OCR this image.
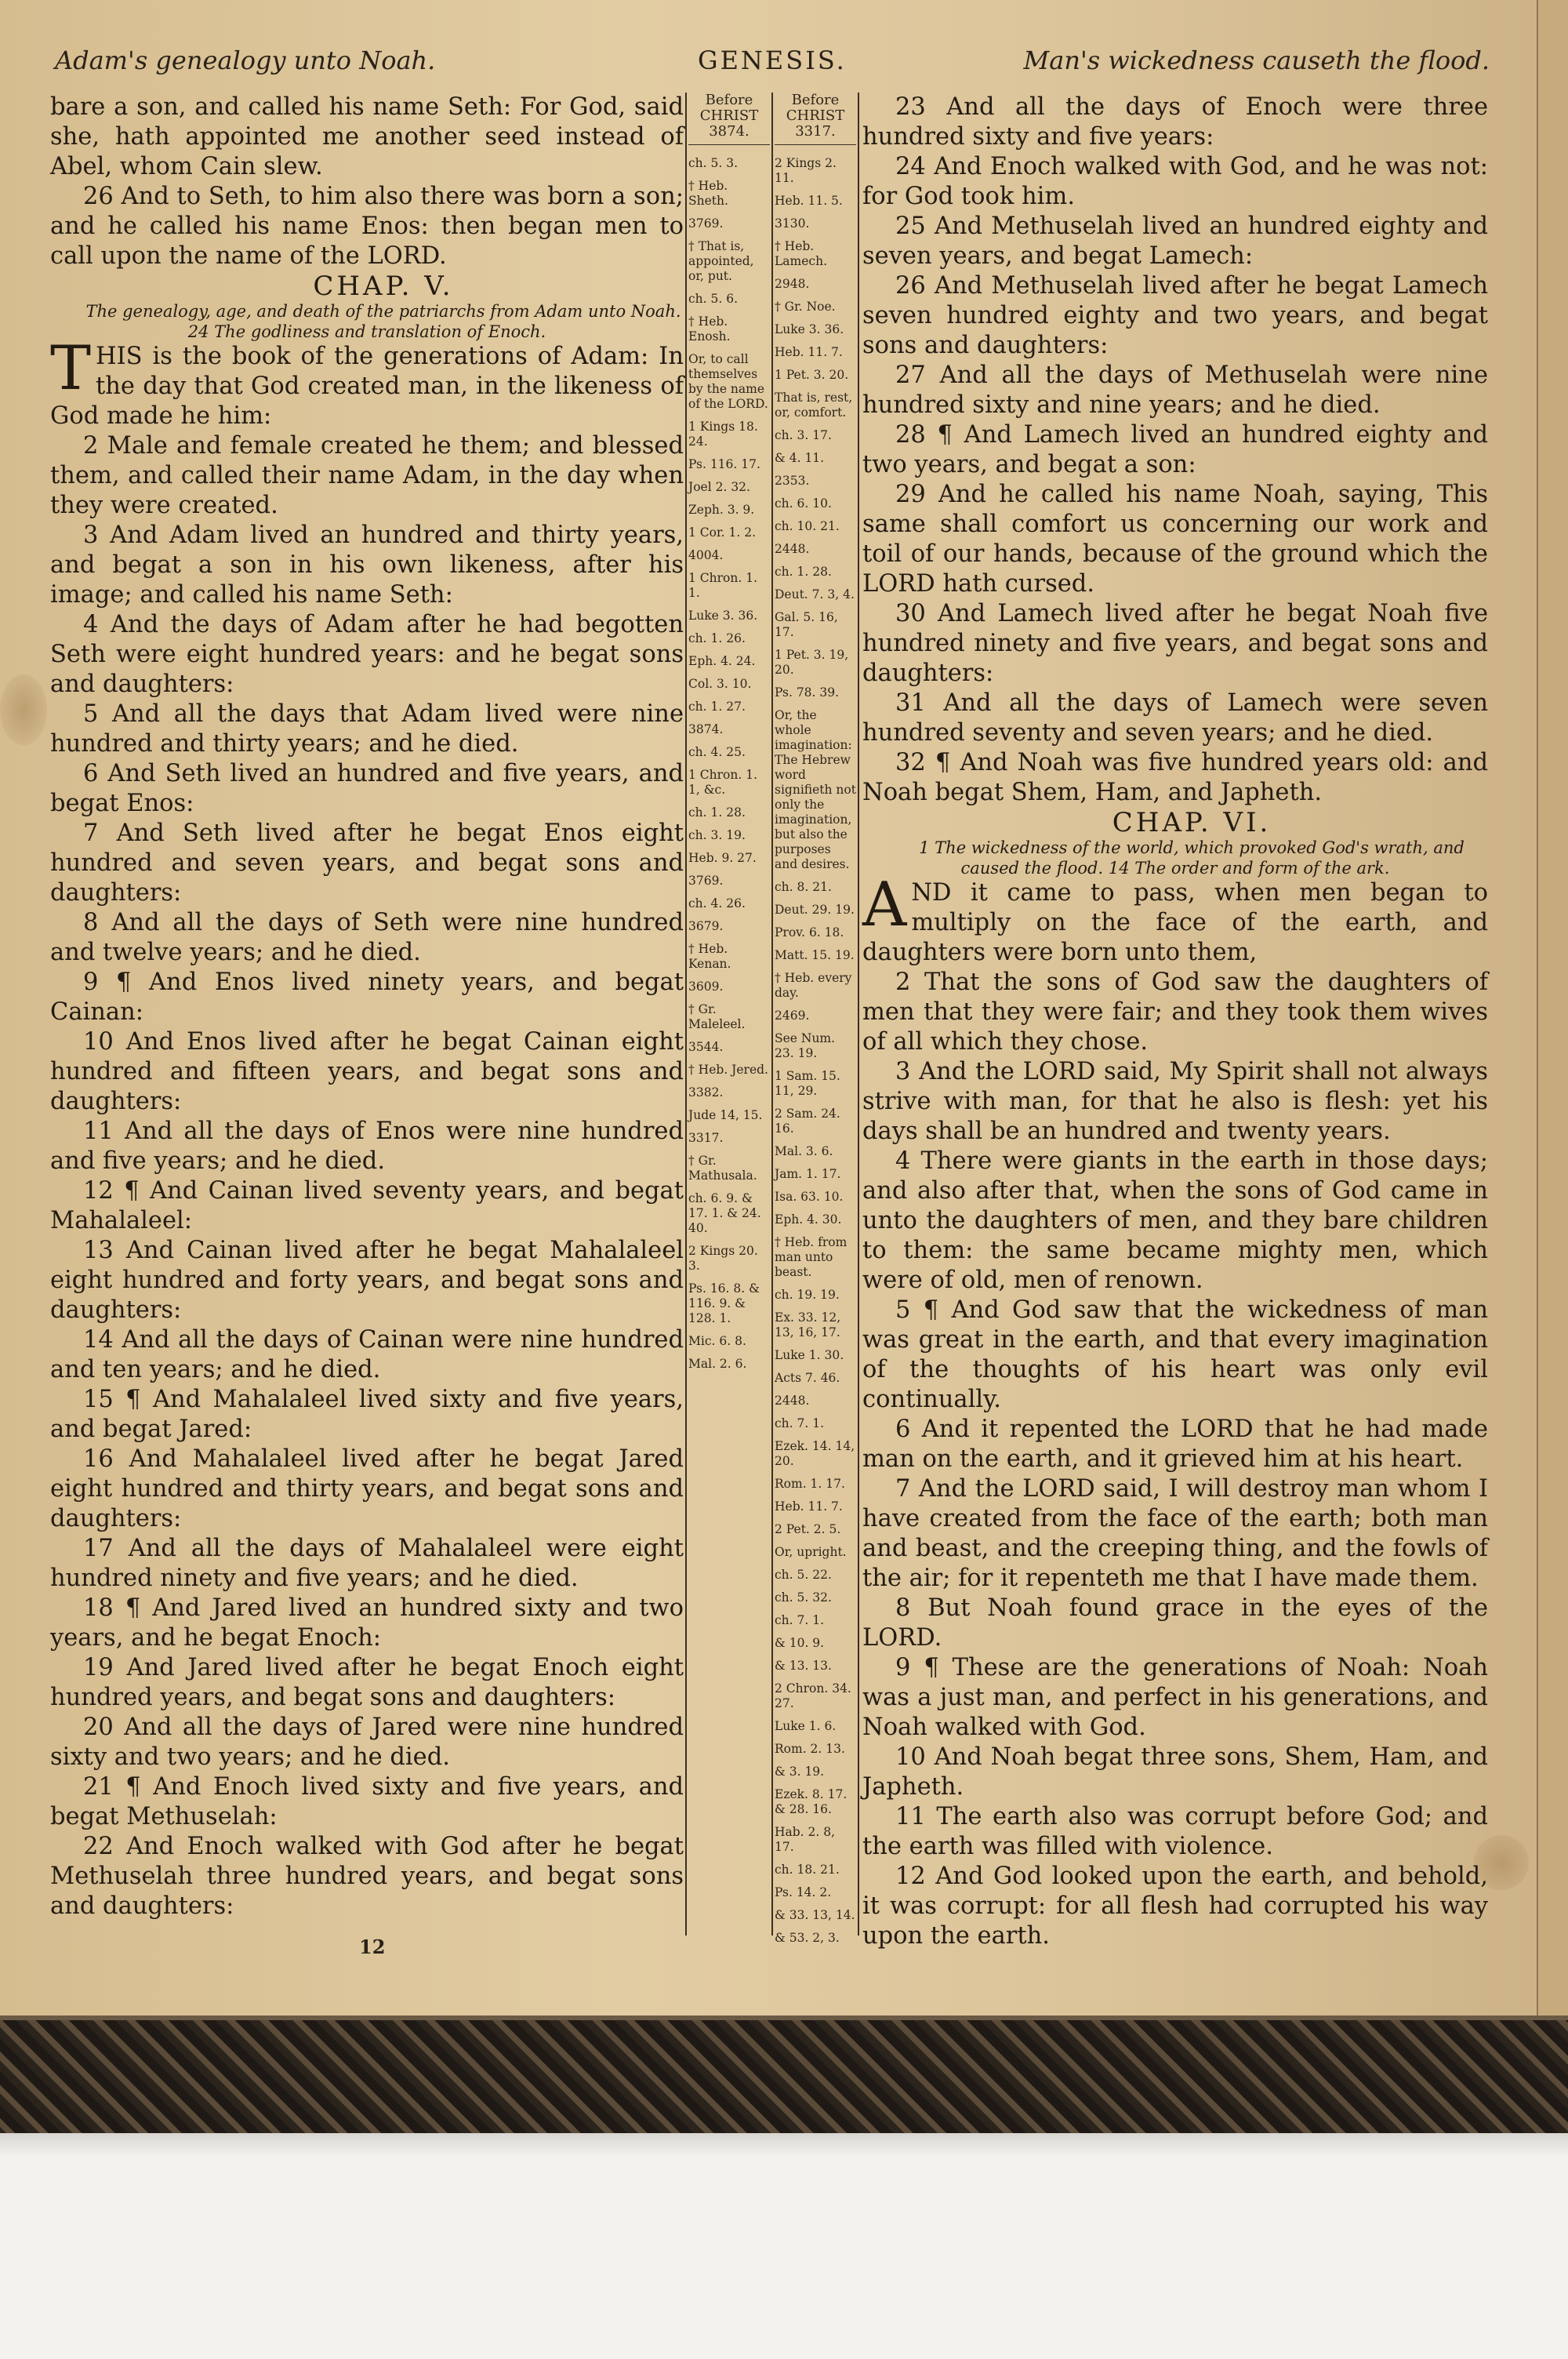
Adam's genealogy unto Noah.	GENESIS.	Man's wickedness causeth the flood.

bare a son, and called his name Seth: For God, said she, hath appointed me another seed instead of Abel, whom Cain slew.

26 And to Seth, to him also there was born a son; and he called his name Enos: then began men to call upon the name of the LORD.

CHAP. V.

The genealogy, age, and death of the patriarchs from Adam unto Noah. 24 The godliness and translation of Enoch.

THIS is the book of the generations of Adam: In the day that God created man, in the likeness of God made he him:

2 Male and female created he them; and blessed them, and called their name Adam, in the day when they were created.

3 And Adam lived an hundred and thirty years, and begat a son in his own likeness, after his image; and called his name Seth:

4 And the days of Adam after he had begotten Seth were eight hundred years: and he begat sons and daughters:

5 And all the days that Adam lived were nine hundred and thirty years; and he died.

6 And Seth lived an hundred and five years, and begat Enos:

7 And Seth lived after he begat Enos eight hundred and seven years, and begat sons and daughters:

8 And all the days of Seth were nine hundred and twelve years; and he died.

9 ¶ And Enos lived ninety years, and begat Cainan:

10 And Enos lived after he begat Cainan eight hundred and fifteen years, and begat sons and daughters:

11 And all the days of Enos were nine hundred and five years; and he died.

12 ¶ And Cainan lived seventy years, and begat Mahalaleel:

13 And Cainan lived after he begat Mahalaleel eight hundred and forty years, and begat sons and daughters:

14 And all the days of Cainan were nine hundred and ten years; and he died.

15 ¶ And Mahalaleel lived sixty and five years, and begat Jared:

16 And Mahalaleel lived after he begat Jared eight hundred and thirty years, and begat sons and daughters:

17 And all the days of Mahalaleel were eight hundred ninety and five years; and he died.

18 ¶ And Jared lived an hundred sixty and two years, and he begat Enoch:

19 And Jared lived after he begat Enoch eight hundred years, and begat sons and daughters:

20 And all the days of Jared were nine hundred sixty and two years; and he died.

21 ¶ And Enoch lived sixty and five years, and begat Methuselah:

22 And Enoch walked with God after he begat Methuselah three hundred years, and begat sons and daughters:

Before CHRIST 3874.
ch. 5. 3.
† Heb. Sheth.
3769.
† That is, appointed, or, put.
ch. 5. 6.
† Heb. Enosh.
Or, to call themselves by the name of the LORD.
1 Kings 18. 24.
Ps. 116. 17.
Joel 2. 32.
Zeph. 3. 9.
1 Cor. 1. 2.
4004.
1 Chron. 1. 1.
Luke 3. 36.
ch. 1. 26.
Eph. 4. 24.
Col. 3. 10.
ch. 1. 27.
3874.
ch. 4. 25.
1 Chron. 1. 1, &c.
ch. 1. 28.
ch. 3. 19.
Heb. 9. 27.
3769.
ch. 4. 26.
3679.
† Heb. Kenan.
3609.
† Gr. Maleleel.
3544.
† Heb. Jered.
3382.
Jude 14, 15.
3317.
† Gr. Mathusala.
ch. 6. 9. & 17. 1. & 24. 40.
2 Kings 20. 3.
Ps. 16. 8. & 116. 9. & 128. 1.
Mic. 6. 8.
Mal. 2. 6.
Before CHRIST 3317.
2 Kings 2. 11.
Heb. 11. 5.
3130.
† Heb. Lamech.
2948.
† Gr. Noe.
Luke 3. 36.
Heb. 11. 7.
1 Pet. 3. 20.
That is, rest, or, comfort.
ch. 3. 17.
& 4. 11.
2353.
ch. 6. 10.
ch. 10. 21.
2448.
ch. 1. 28.
Deut. 7. 3, 4.
Gal. 5. 16, 17.
1 Pet. 3. 19, 20.
Ps. 78. 39.
Or, the whole imagination: The Hebrew word signifieth not only the imagination, but also the purposes and desires.
ch. 8. 21.
Deut. 29. 19.
Prov. 6. 18.
Matt. 15. 19.
† Heb. every day.
2469.
See Num. 23. 19.
1 Sam. 15. 11, 29.
2 Sam. 24. 16.
Mal. 3. 6.
Jam. 1. 17.
Isa. 63. 10.
Eph. 4. 30.
† Heb. from man unto beast.
ch. 19. 19.
Ex. 33. 12, 13, 16, 17.
Luke 1. 30.
Acts 7. 46.
2448.
ch. 7. 1.
Ezek. 14. 14, 20.
Rom. 1. 17.
Heb. 11. 7.
2 Pet. 2. 5.
Or, upright.
ch. 5. 22.
ch. 5. 32.
ch. 7. 1.
& 10. 9.
& 13. 13.
2 Chron. 34. 27.
Luke 1. 6.
Rom. 2. 13.
& 3. 19.
Ezek. 8. 17. & 28. 16.
Hab. 2. 8, 17.
ch. 18. 21.
Ps. 14. 2.
& 33. 13, 14.
& 53. 2, 3.

23 And all the days of Enoch were three hundred sixty and five years:

24 And Enoch walked with God, and he was not: for God took him.

25 And Methuselah lived an hundred eighty and seven years, and begat Lamech:

26 And Methuselah lived after he begat Lamech seven hundred eighty and two years, and begat sons and daughters:

27 And all the days of Methuselah were nine hundred sixty and nine years; and he died.

28 ¶ And Lamech lived an hundred eighty and two years, and begat a son:

29 And he called his name Noah, saying, This same shall comfort us concerning our work and toil of our hands, because of the ground which the LORD hath cursed.

30 And Lamech lived after he begat Noah five hundred ninety and five years, and begat sons and daughters:

31 And all the days of Lamech were seven hundred seventy and seven years; and he died.

32 ¶ And Noah was five hundred years old: and Noah begat Shem, Ham, and Japheth.

CHAP. VI.

1 The wickedness of the world, which provoked God's wrath, and caused the flood. 14 The order and form of the ark.

AND it came to pass, when men began to multiply on the face of the earth, and daughters were born unto them,

2 That the sons of God saw the daughters of men that they were fair; and they took them wives of all which they chose.

3 And the LORD said, My Spirit shall not always strive with man, for that he also is flesh: yet his days shall be an hundred and twenty years.

4 There were giants in the earth in those days; and also after that, when the sons of God came in unto the daughters of men, and they bare children to them: the same became mighty men, which were of old, men of renown.

5 ¶ And God saw that the wickedness of man was great in the earth, and that every imagination of the thoughts of his heart was only evil continually.

6 And it repented the LORD that he had made man on the earth, and it grieved him at his heart.

7 And the LORD said, I will destroy man whom I have created from the face of the earth; both man and beast, and the creeping thing, and the fowls of the air; for it repenteth me that I have made them.

8 But Noah found grace in the eyes of the LORD.

9 ¶ These are the generations of Noah: Noah was a just man, and perfect in his generations, and Noah walked with God.

10 And Noah begat three sons, Shem, Ham, and Japheth.

11 The earth also was corrupt before God; and the earth was filled with violence.

12 And God looked upon the earth, and behold, it was corrupt: for all flesh had corrupted his way upon the earth.

12
